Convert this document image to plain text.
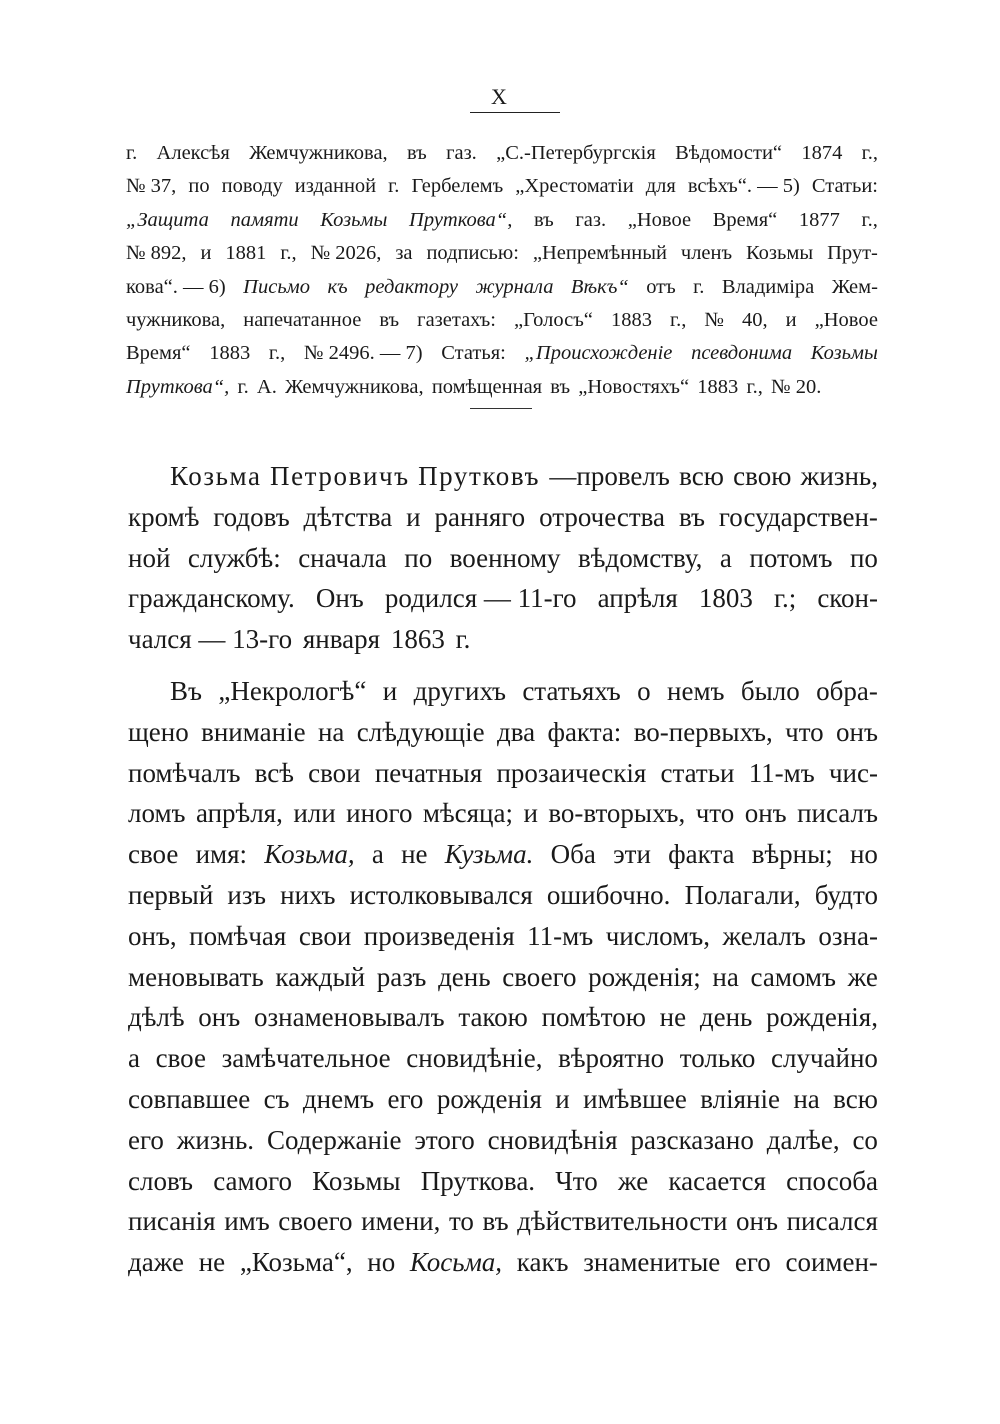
X
г. Алексѣя Жемчужникова, въ газ. „С.-Петербургскія Вѣдомости“ 1874 г.,
№ 37, по поводу изданной г. Гербелемъ „Хрестоматіи для всѣхъ“. — 5) Статьи:
„Защита памяти Козьмы Пруткова“, въ газ. „Новое Время“ 1877 г.,
№ 892, и 1881 г., № 2026, за подписью: „Непремѣнный членъ Козьмы Прут-
кова“. — 6) Письмо къ редактору журнала Вѣкъ“ отъ г. Владиміра Жем-
чужникова, напечатанное въ газетахъ: „Голосъ“ 1883 г., № 40, и „Новое
Время“ 1883 г., № 2496. — 7) Статья: „Происхожденіе псевдонима Козьмы
Пруткова“, г. А. Жемчужникова, помѣщенная въ „Новостяхъ“ 1883 г., № 20.
Козьма Петровичъ Прутковъ —провелъ всю свою жизнь,
кромѣ годовъ дѣтства и ранняго отрочества въ государствен-
ной службѣ: сначала по военному вѣдомству, а потомъ по
гражданскому. Онъ родился — 11-го апрѣля 1803 г.; скон-
чался — 13-го января 1863 г.
Въ „Некрологѣ“ и другихъ статьяхъ о немъ было обра-
щено вниманіе на слѣдующіе два факта: во-первыхъ, что онъ
помѣчалъ всѣ свои печатныя прозаическія статьи 11-мъ чис-
ломъ апрѣля, или иного мѣсяца; и во-вторыхъ, что онъ писалъ
свое имя: Козьма, а не Кузьма. Оба эти факта вѣрны; но
первый изъ нихъ истолковывался ошибочно. Полагали, будто
онъ, помѣчая свои произведенія 11-мъ числомъ, желалъ озна-
меновывать каждый разъ день своего рожденія; на самомъ же
дѣлѣ онъ ознаменовывалъ такою помѣтою не день рожденія,
а свое замѣчательное сновидѣніе, вѣроятно только случайно
совпавшее съ днемъ его рожденія и имѣвшее вліяніе на всю
его жизнь. Содержаніе этого сновидѣнія разсказано далѣе, со
словъ самого Козьмы Пруткова. Что же касается способа
писанія имъ своего имени, то въ дѣйствительности онъ писался
даже не „Козьма“, но Косьма, какъ знаменитые его соимен-
